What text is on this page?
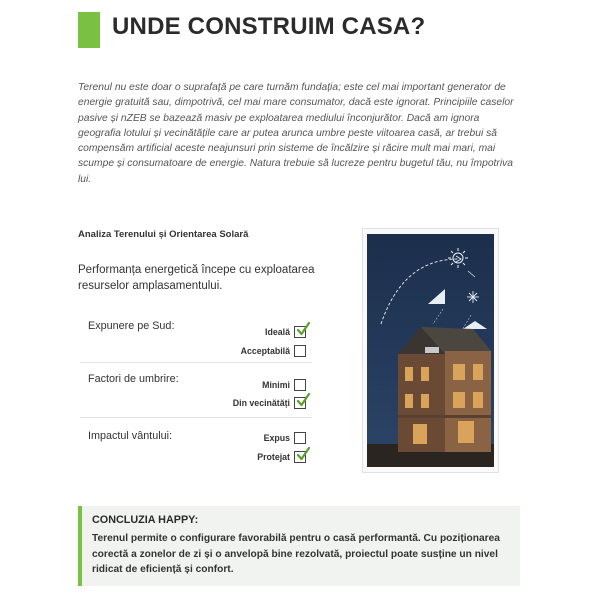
UNDE CONSTRUIM CASA?

Terenul nu este doar o suprafață pe care turnăm fundația; este cel mai important generator de energie gratuită sau, dimpotrivă, cel mai mare consumator, dacă este ignorat. Principiile caselor pasive și nZEB se bazează masiv pe exploatarea mediului înconjurător. Dacă am ignora geografia lotului și vecinătățile care ar putea arunca umbre peste viitoarea casă, ar trebui să compensăm artificial aceste neajunsuri prin sisteme de încălzire și răcire mult mai mari, mai scumpe și consumatoare de energie. Natura trebuie să lucreze pentru bugetul tău, nu împotriva lui.

Analiza Terenului și Orientarea Solară

Performanța energetică începe cu exploatarea resurselor amplasamentului.

Expunere pe Sud:	Ideală
Acceptabilă
Factori de umbrire:	Minimi
Din vecinătăți
Impactul vântului:	Expus
Protejat

CONCLUZIA HAPPY:

Terenul permite o configurare favorabilă pentru o casă performantă. Cu poziționarea corectă a zonelor de zi și o anvelopă bine rezolvată, proiectul poate susține un nivel ridicat de eficiență și confort.
